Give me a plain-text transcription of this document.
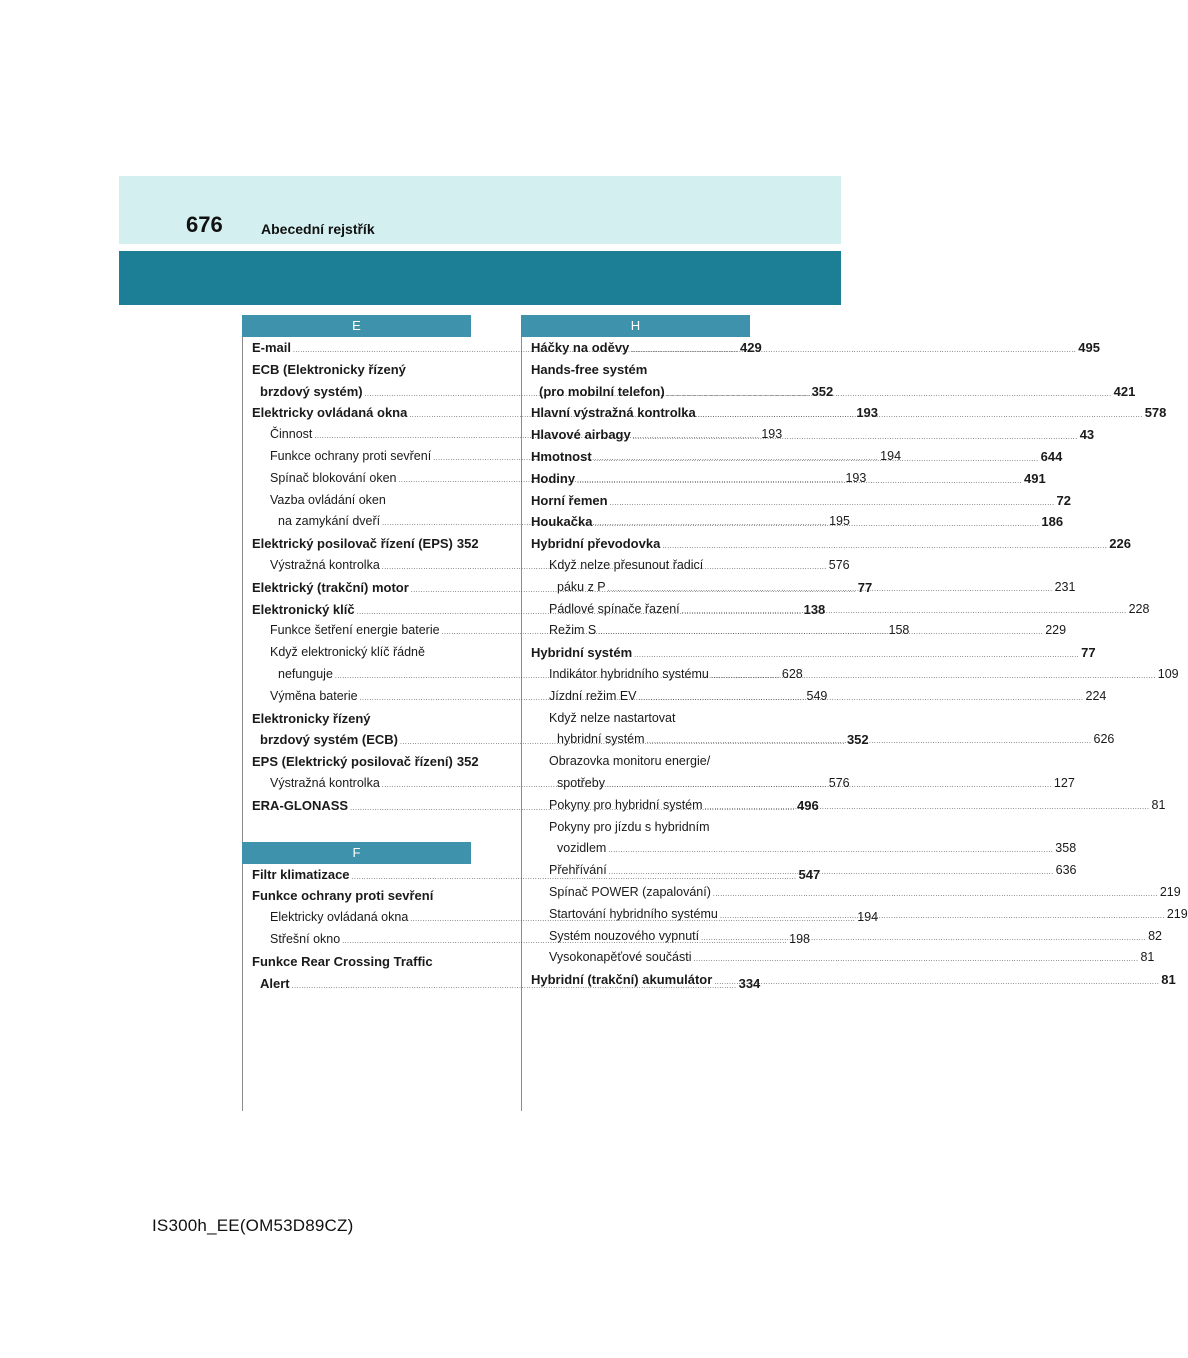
676	Abecední rejstřík
E
E-mail .....	429
ECB (Elektronicky řízený
brzdový systém) .....	352
Elektricky ovládaná okna .....	193
Činnost .....	193
Funkce ochrany proti sevření .....	194
Spínač blokování oken .....	193
Vazba ovládání oken
na zamykání dveří .....	195
Elektrický posilovač řízení (EPS) 352
Výstražná kontrolka .....	576
Elektrický (trakční) motor .....	77
Elektronický klíč .....	138
Funkce šetření energie baterie .....	158
Když elektronický klíč řádně
nefunguje .....	628
Výměna baterie .....	549
Elektronicky řízený
brzdový systém (ECB) .....	352
EPS (Elektrický posilovač řízení) 352
Výstražná kontrolka .....	576
ERA-GLONASS .....	496
F
Filtr klimatizace .....	547
Funkce ochrany proti sevření
Elektricky ovládaná okna .....	194
Střešní okno .....	198
Funkce Rear Crossing Traffic
Alert .....	334
H
Háčky na oděvy .....	495
Hands-free systém
(pro mobilní telefon) .....	421
Hlavní výstražná kontrolka .....	578
Hlavové airbagy .....	43
Hmotnost .....	644
Hodiny .....	491
Horní řemen .....	72
Houkačka .....	186
Hybridní převodovka .....	226
Když nelze přesunout řadicí
páku z P .....	231
Pádlové spínače řazení .....	228
Režim S .....	229
Hybridní systém .....	77
Indikátor hybridního systému .....	109
Jízdní režim EV .....	224
Když nelze nastartovat
hybridní systém .....	626
Obrazovka monitoru energie/
spotřeby .....	127
Pokyny pro hybridní systém .....	81
Pokyny pro jízdu s hybridním
vozidlem .....	358
Přehřívání .....	636
Spínač POWER (zapalování) .....	219
Startování hybridního systému .....	219
Systém nouzového vypnutí .....	82
Vysokonapěťové součásti .....	81
Hybridní (trakční) akumulátor .....	81
IS300h_EE(OM53D89CZ)
